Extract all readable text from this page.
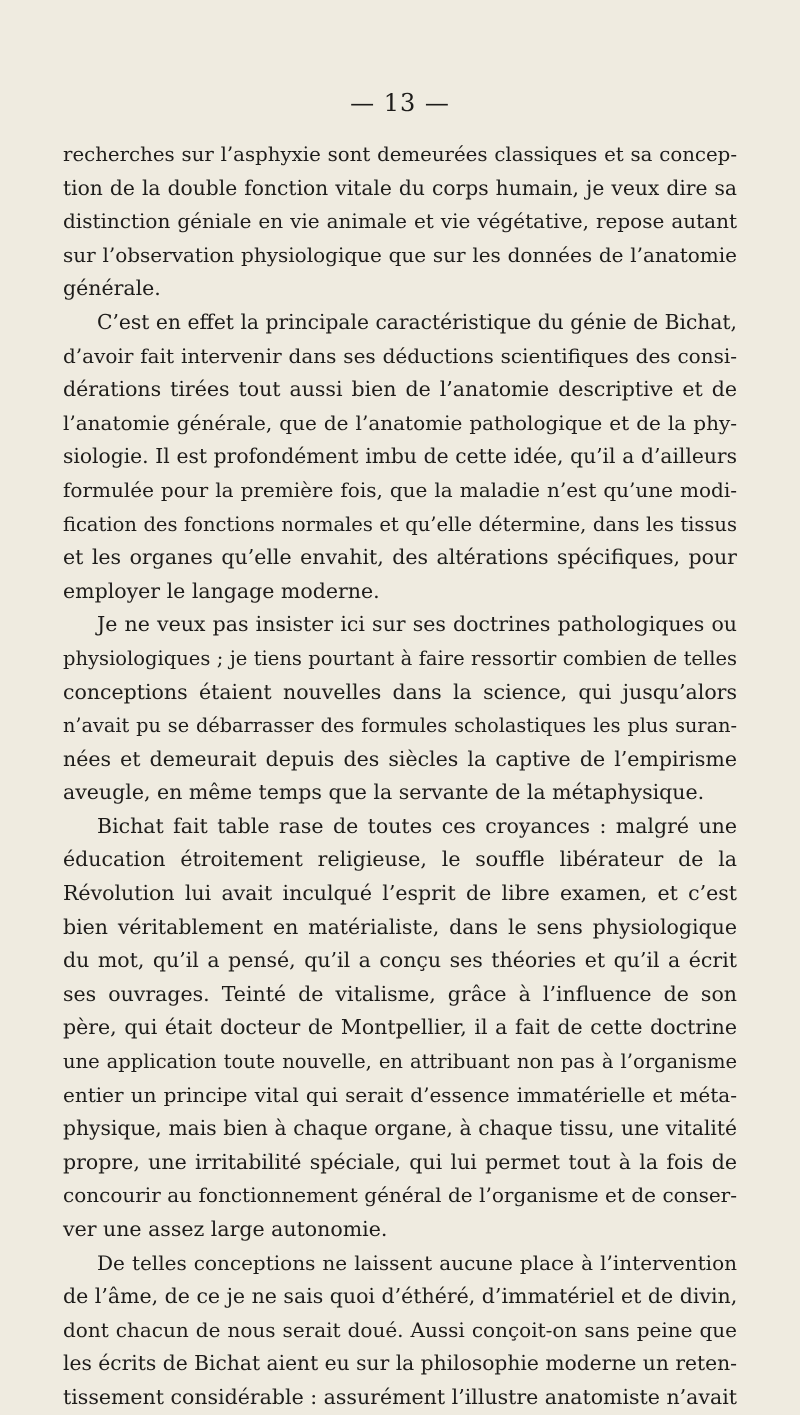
— 13 —
recherches sur l’asphyxie sont demeurées classiques et sa concep-
tion de la double fonction vitale du corps humain, je veux dire sa
distinction géniale en vie animale et vie végétative, repose autant
sur l’observation physiologique que sur les données de l’anatomie
générale.
C’est en effet la principale caractéristique du génie de Bichat,
d’avoir fait intervenir dans ses déductions scientifiques des consi-
dérations tirées tout aussi bien de l’anatomie descriptive et de
l’anatomie générale, que de l’anatomie pathologique et de la phy-
siologie. Il est profondément imbu de cette idée, qu’il a d’ailleurs
formulée pour la première fois, que la maladie n’est qu’une modi-
fication des fonctions normales et qu’elle détermine, dans les tissus
et les organes qu’elle envahit, des altérations spécifiques, pour
employer le langage moderne.
Je ne veux pas insister ici sur ses doctrines pathologiques ou
physiologiques ; je tiens pourtant à faire ressortir combien de telles
conceptions étaient nouvelles dans la science, qui jusqu’alors
n’avait pu se débarrasser des formules scholastiques les plus suran-
nées et demeurait depuis des siècles la captive de l’empirisme
aveugle, en même temps que la servante de la métaphysique.
Bichat fait table rase de toutes ces croyances : malgré une
éducation étroitement religieuse, le souffle libérateur de la
Révolution lui avait inculqué l’esprit de libre examen, et c’est
bien véritablement en matérialiste, dans le sens physiologique
du mot, qu’il a pensé, qu’il a conçu ses théories et qu’il a écrit
ses ouvrages. Teinté de vitalisme, grâce à l’influence de son
père, qui était docteur de Montpellier, il a fait de cette doctrine
une application toute nouvelle, en attribuant non pas à l’organisme
entier un principe vital qui serait d’essence immatérielle et méta-
physique, mais bien à chaque organe, à chaque tissu, une vitalité
propre, une irritabilité spéciale, qui lui permet tout à la fois de
concourir au fonctionnement général de l’organisme et de conser-
ver une assez large autonomie.
De telles conceptions ne laissent aucune place à l’intervention
de l’âme, de ce je ne sais quoi d’éthéré, d’immatériel et de divin,
dont chacun de nous serait doué. Aussi conçoit-on sans peine que
les écrits de Bichat aient eu sur la philosophie moderne un reten-
tissement considérable : assurément l’illustre anatomiste n’avait
